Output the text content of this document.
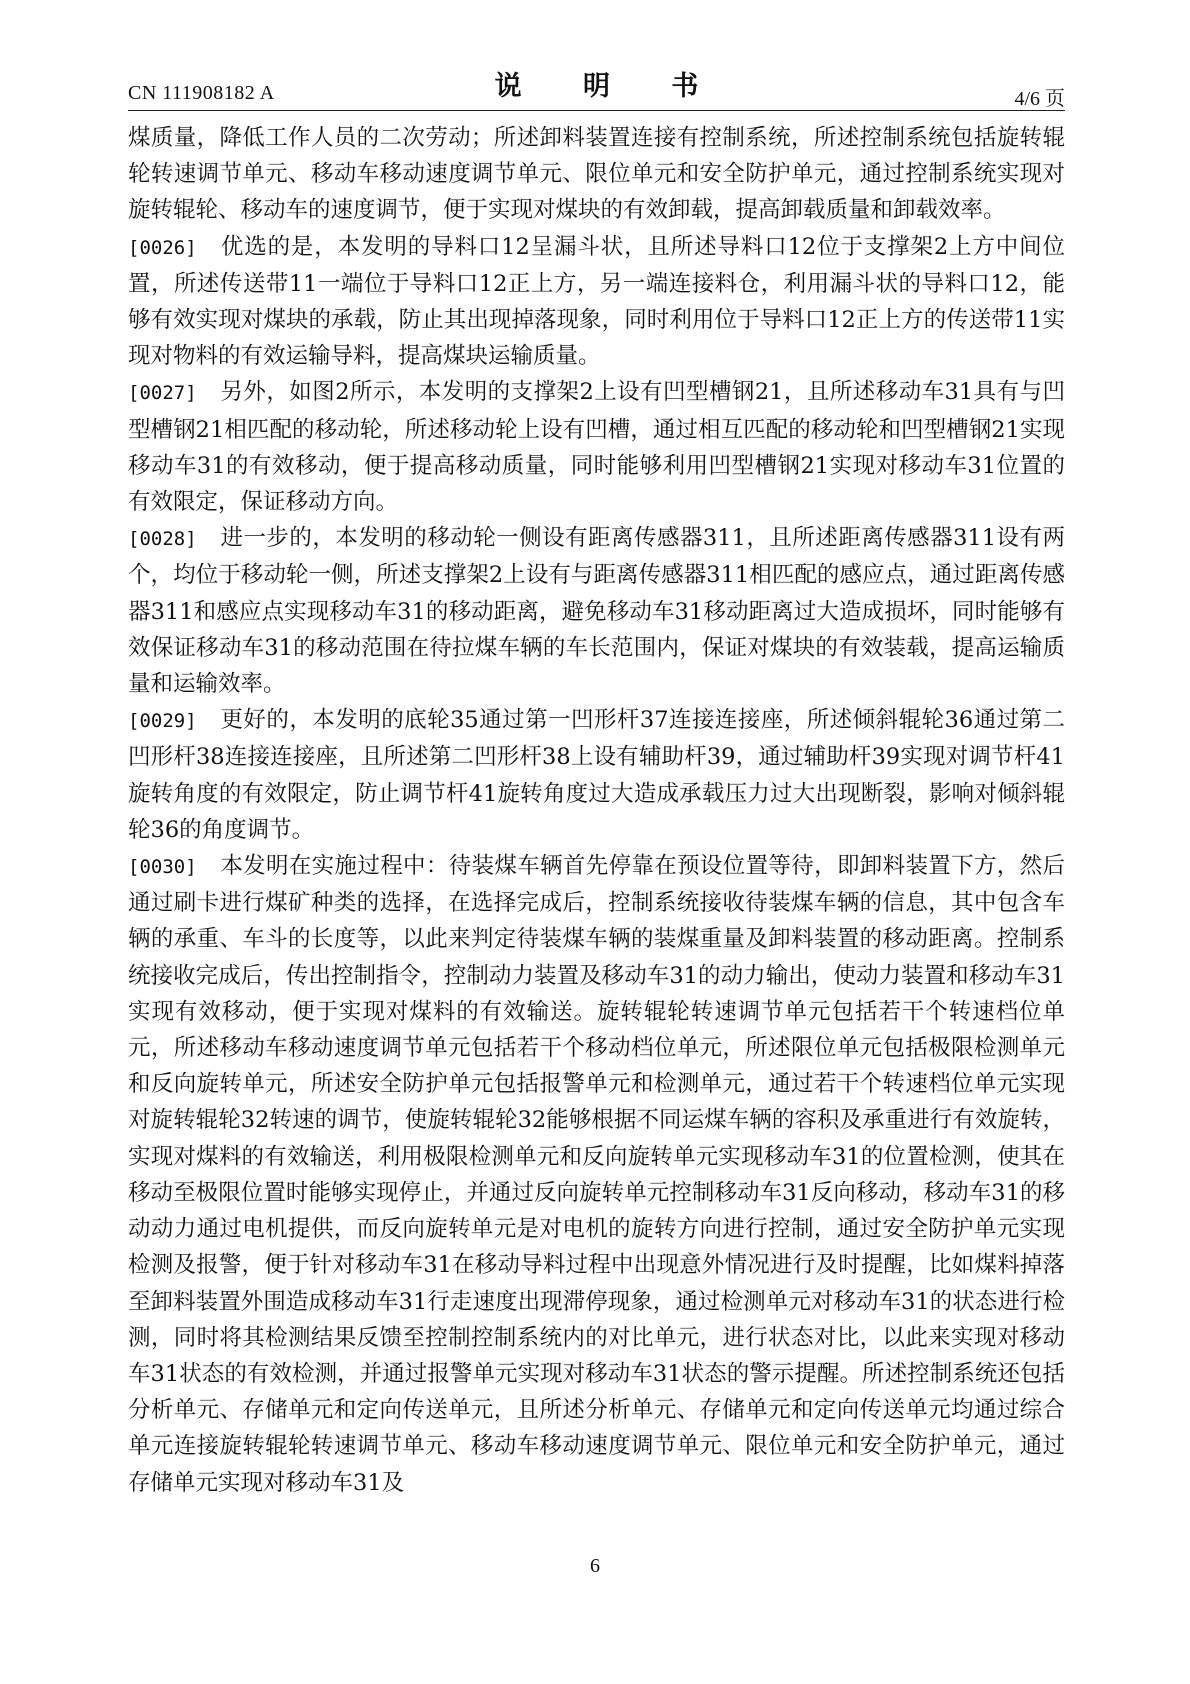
CN 111908182 A	说 明 书	4/6 页

煤质量，降低工作人员的二次劳动；所述卸料装置连接有控制系统，所述控制系统包括旋转辊轮转速调节单元、移动车移动速度调节单元、限位单元和安全防护单元，通过控制系统实现对旋转辊轮、移动车的速度调节，便于实现对煤块的有效卸载，提高卸载质量和卸载效率。

[0026] 优选的是，本发明的导料口12呈漏斗状，且所述导料口12位于支撑架2上方中间位置，所述传送带11一端位于导料口12正上方，另一端连接料仓，利用漏斗状的导料口12，能够有效实现对煤块的承载，防止其出现掉落现象，同时利用位于导料口12正上方的传送带11实现对物料的有效运输导料，提高煤块运输质量。

[0027] 另外，如图2所示，本发明的支撑架2上设有凹型槽钢21，且所述移动车31具有与凹型槽钢21相匹配的移动轮，所述移动轮上设有凹槽，通过相互匹配的移动轮和凹型槽钢21实现移动车31的有效移动，便于提高移动质量，同时能够利用凹型槽钢21实现对移动车31位置的有效限定，保证移动方向。

[0028] 进一步的，本发明的移动轮一侧设有距离传感器311，且所述距离传感器311设有两个，均位于移动轮一侧，所述支撑架2上设有与距离传感器311相匹配的感应点，通过距离传感器311和感应点实现移动车31的移动距离，避免移动车31移动距离过大造成损坏，同时能够有效保证移动车31的移动范围在待拉煤车辆的车长范围内，保证对煤块的有效装载，提高运输质量和运输效率。

[0029] 更好的，本发明的底轮35通过第一凹形杆37连接连接座，所述倾斜辊轮36通过第二凹形杆38连接连接座，且所述第二凹形杆38上设有辅助杆39，通过辅助杆39实现对调节杆41旋转角度的有效限定，防止调节杆41旋转角度过大造成承载压力过大出现断裂，影响对倾斜辊轮36的角度调节。

[0030] 本发明在实施过程中：待装煤车辆首先停靠在预设位置等待，即卸料装置下方，然后通过刷卡进行煤矿种类的选择，在选择完成后，控制系统接收待装煤车辆的信息，其中包含车辆的承重、车斗的长度等，以此来判定待装煤车辆的装煤重量及卸料装置的移动距离。控制系统接收完成后，传出控制指令，控制动力装置及移动车31的动力输出，使动力装置和移动车31实现有效移动，便于实现对煤料的有效输送。旋转辊轮转速调节单元包括若干个转速档位单元，所述移动车移动速度调节单元包括若干个移动档位单元，所述限位单元包括极限检测单元和反向旋转单元，所述安全防护单元包括报警单元和检测单元，通过若干个转速档位单元实现对旋转辊轮32转速的调节，使旋转辊轮32能够根据不同运煤车辆的容积及承重进行有效旋转，实现对煤料的有效输送，利用极限检测单元和反向旋转单元实现移动车31的位置检测，使其在移动至极限位置时能够实现停止，并通过反向旋转单元控制移动车31反向移动，移动车31的移动动力通过电机提供，而反向旋转单元是对电机的旋转方向进行控制，通过安全防护单元实现检测及报警，便于针对移动车31在移动导料过程中出现意外情况进行及时提醒，比如煤料掉落至卸料装置外围造成移动车31行走速度出现滞停现象，通过检测单元对移动车31的状态进行检测，同时将其检测结果反馈至控制控制系统内的对比单元，进行状态对比，以此来实现对移动车31状态的有效检测，并通过报警单元实现对移动车31状态的警示提醒。所述控制系统还包括分析单元、存储单元和定向传送单元，且所述分析单元、存储单元和定向传送单元均通过综合单元连接旋转辊轮转速调节单元、移动车移动速度调节单元、限位单元和安全防护单元，通过存储单元实现对移动车31及

6
